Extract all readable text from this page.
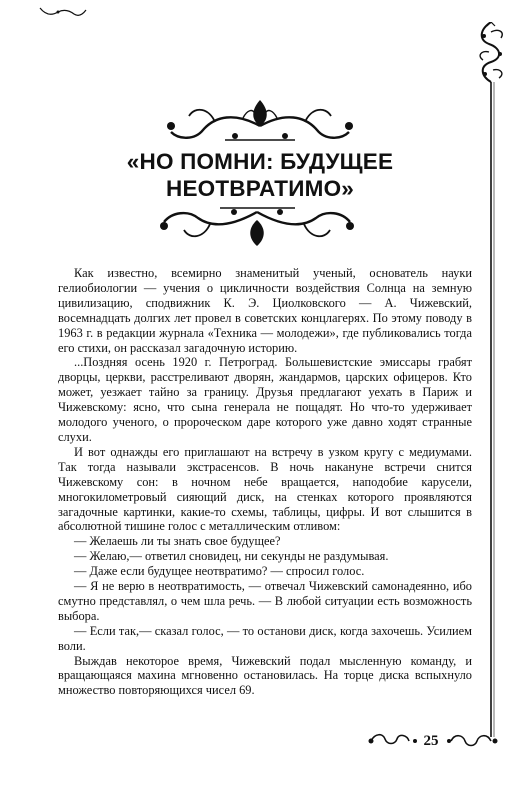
«НО ПОМНИ: БУДУЩЕЕ
НЕОТВРАТИМО»

Как известно, всемирно знаменитый ученый, основатель науки гелиобиологии — учения о цикличности воздействия Солнца на земную цивилизацию, сподвижник К. Э. Циолковского — А. Чижевский, восемнадцать долгих лет провел в советских концлагерях. По этому поводу в 1963 г. в редакции журнала «Техника — молодежи», где публиковались тогда его стихи, он рассказал загадочную историю.

...Поздняя осень 1920 г. Петроград. Большевистские эмиссары грабят дворцы, церкви, расстреливают дворян, жандармов, царских офицеров. Кто может, уезжает тайно за границу. Друзья предлагают уехать в Париж и Чижевскому: ясно, что сына генерала не пощадят. Но что-то удерживает молодого ученого, о пророческом даре которого уже давно ходят странные слухи.

И вот однажды его приглашают на встречу в узком кругу с медиумами. Так тогда называли экстрасенсов. В ночь накануне встречи снится Чижевскому сон: в ночном небе вращается, наподобие карусели, многокилометровый сияющий диск, на стенках которого проявляются загадочные картинки, какие-то схемы, таблицы, цифры. И вот слышится в абсолютной тишине голос с металлическим отливом:

— Желаешь ли ты знать свое будущее?

— Желаю,— ответил сновидец, ни секунды не раздумывая.

— Даже если будущее неотвратимо? — спросил голос.

— Я не верю в неотвратимость, — отвечал Чижевский самонадеянно, ибо смутно представлял, о чем шла речь. — В любой ситуации есть возможность выбора.

— Если так,— сказал голос, — то останови диск, когда захочешь. Усилием воли.

Выждав некоторое время, Чижевский подал мысленную команду, и вращающаяся махина мгновенно остановилась. На торце диска вспыхнуло множество повторяющихся чисел 69.

25
